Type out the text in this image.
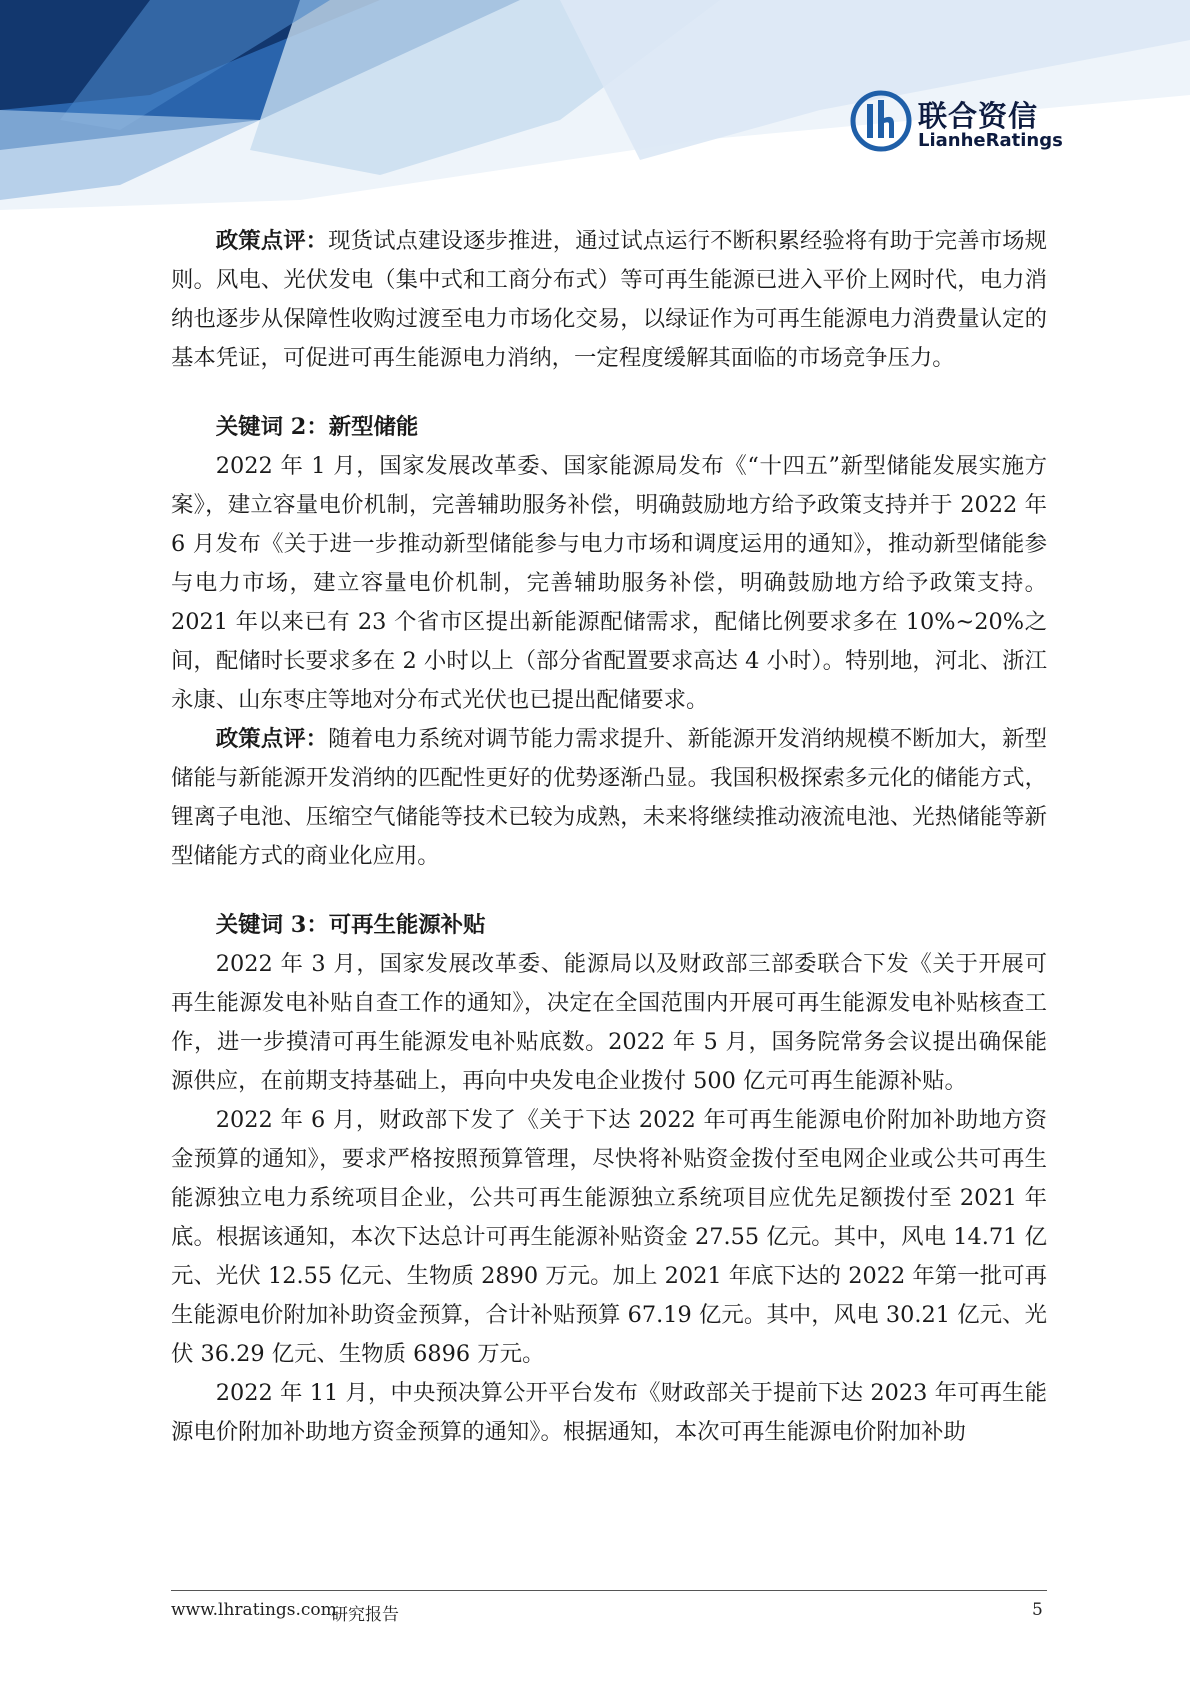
联合资信
LianheRatings

政策点评：现货试点建设逐步推进，通过试点运行不断积累经验将有助于完善市场规则。风电、光伏发电（集中式和工商分布式）等可再生能源已进入平价上网时代，电力消纳也逐步从保障性收购过渡至电力市场化交易，以绿证作为可再生能源电力消费量认定的基本凭证，可促进可再生能源电力消纳，一定程度缓解其面临的市场竞争压力。

关键词 2：新型储能

2022 年 1 月，国家发展改革委、国家能源局发布《“十四五”新型储能发展实施方案》，建立容量电价机制，完善辅助服务补偿，明确鼓励地方给予政策支持并于 2022 年 6 月发布《关于进一步推动新型储能参与电力市场和调度运用的通知》，推动新型储能参与电力市场，建立容量电价机制，完善辅助服务补偿，明确鼓励地方给予政策支持。2021 年以来已有 23 个省市区提出新能源配储需求，配储比例要求多在 10%~20%之间，配储时长要求多在 2 小时以上（部分省配置要求高达 4 小时）。特别地，河北、浙江永康、山东枣庄等地对分布式光伏也已提出配储要求。

政策点评：随着电力系统对调节能力需求提升、新能源开发消纳规模不断加大，新型储能与新能源开发消纳的匹配性更好的优势逐渐凸显。我国积极探索多元化的储能方式，锂离子电池、压缩空气储能等技术已较为成熟，未来将继续推动液流电池、光热储能等新型储能方式的商业化应用。

关键词 3：可再生能源补贴

2022 年 3 月，国家发展改革委、能源局以及财政部三部委联合下发《关于开展可再生能源发电补贴自查工作的通知》，决定在全国范围内开展可再生能源发电补贴核查工作，进一步摸清可再生能源发电补贴底数。2022 年 5 月，国务院常务会议提出确保能源供应，在前期支持基础上，再向中央发电企业拨付 500 亿元可再生能源补贴。

2022 年 6 月，财政部下发了《关于下达 2022 年可再生能源电价附加补助地方资金预算的通知》，要求严格按照预算管理，尽快将补贴资金拨付至电网企业或公共可再生能源独立电力系统项目企业，公共可再生能源独立系统项目应优先足额拨付至 2021 年底。根据该通知，本次下达总计可再生能源补贴资金 27.55 亿元。其中，风电 14.71 亿元、光伏 12.55 亿元、生物质 2890 万元。加上 2021 年底下达的 2022 年第一批可再生能源电价附加补助资金预算，合计补贴预算 67.19 亿元。其中，风电 30.21 亿元、光伏 36.29 亿元、生物质 6896 万元。

2022 年 11 月，中央预决算公开平台发布《财政部关于提前下达 2023 年可再生能源电价附加补助地方资金预算的通知》。根据通知，本次可再生能源电价附加补助

www.lhratings.com
研究报告	5
